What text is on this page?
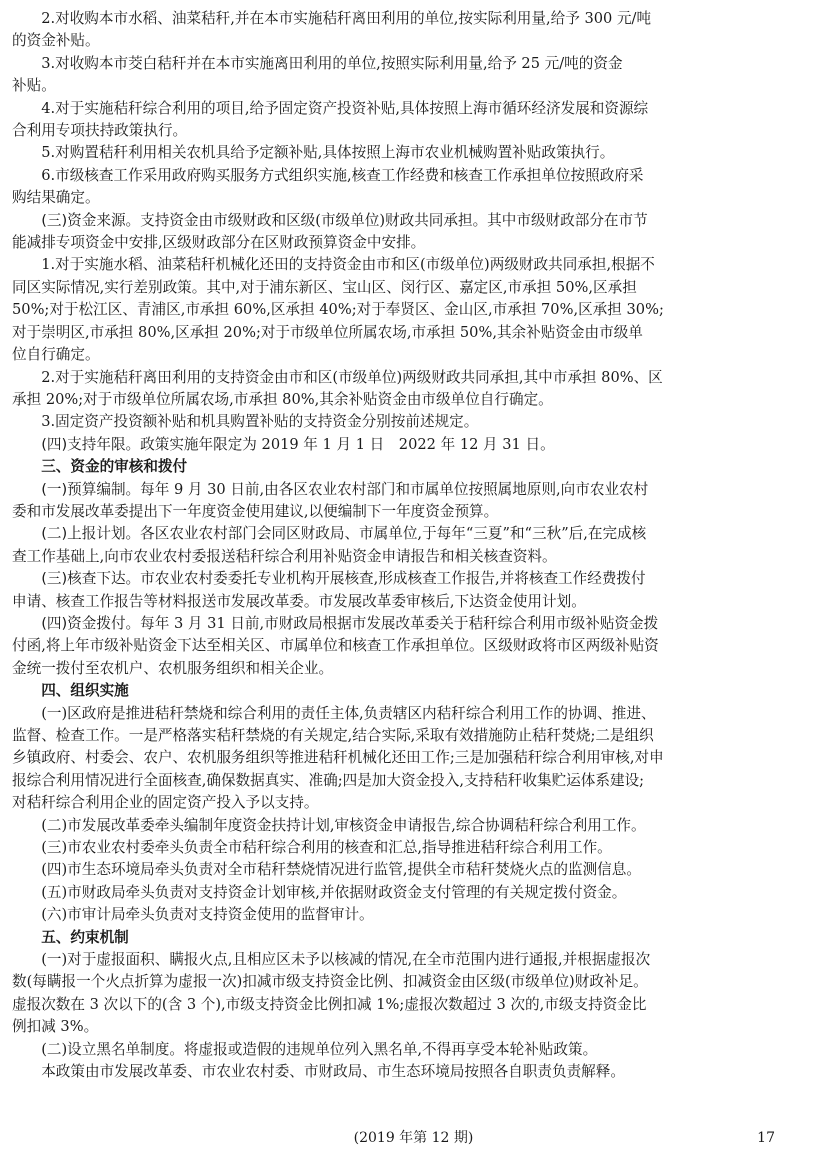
2.对收购本市水稻、油菜秸秆,并在本市实施秸秆离田利用的单位,按实际利用量,给予 300 元/吨

的资金补贴。

3.对收购本市茭白秸秆并在本市实施离田利用的单位,按照实际利用量,给予 25 元/吨的资金

补贴。

4.对于实施秸秆综合利用的项目,给予固定资产投资补贴,具体按照上海市循环经济发展和资源综

合利用专项扶持政策执行。

5.对购置秸秆利用相关农机具给予定额补贴,具体按照上海市农业机械购置补贴政策执行。

6.市级核查工作采用政府购买服务方式组织实施,核查工作经费和核查工作承担单位按照政府采

购结果确定。

(三)资金来源。支持资金由市级财政和区级(市级单位)财政共同承担。其中市级财政部分在市节

能减排专项资金中安排,区级财政部分在区财政预算资金中安排。

1.对于实施水稻、油菜秸秆机械化还田的支持资金由市和区(市级单位)两级财政共同承担,根据不

同区实际情况,实行差别政策。其中,对于浦东新区、宝山区、闵行区、嘉定区,市承担 50%,区承担

50%;对于松江区、青浦区,市承担 60%,区承担 40%;对于奉贤区、金山区,市承担 70%,区承担 30%;

对于崇明区,市承担 80%,区承担 20%;对于市级单位所属农场,市承担 50%,其余补贴资金由市级单

位自行确定。

2.对于实施秸秆离田利用的支持资金由市和区(市级单位)两级财政共同承担,其中市承担 80%、区

承担 20%;对于市级单位所属农场,市承担 80%,其余补贴资金由市级单位自行确定。

3.固定资产投资额补贴和机具购置补贴的支持资金分别按前述规定。

(四)支持年限。政策实施年限定为 2019 年 1 月 1 日　2022 年 12 月 31 日。

三、资金的审核和拨付

(一)预算编制。每年 9 月 30 日前,由各区农业农村部门和市属单位按照属地原则,向市农业农村

委和市发展改革委提出下一年度资金使用建议,以便编制下一年度资金预算。

(二)上报计划。各区农业农村部门会同区财政局、市属单位,于每年“三夏”和“三秋”后,在完成核

查工作基础上,向市农业农村委报送秸秆综合利用补贴资金申请报告和相关核查资料。

(三)核查下达。市农业农村委委托专业机构开展核查,形成核查工作报告,并将核查工作经费拨付

申请、核查工作报告等材料报送市发展改革委。市发展改革委审核后,下达资金使用计划。

(四)资金拨付。每年 3 月 31 日前,市财政局根据市发展改革委关于秸秆综合利用市级补贴资金拨

付函,将上年市级补贴资金下达至相关区、市属单位和核查工作承担单位。区级财政将市区两级补贴资

金统一拨付至农机户、农机服务组织和相关企业。

四、组织实施

(一)区政府是推进秸秆禁烧和综合利用的责任主体,负责辖区内秸秆综合利用工作的协调、推进、

监督、检查工作。一是严格落实秸秆禁烧的有关规定,结合实际,采取有效措施防止秸秆焚烧;二是组织

乡镇政府、村委会、农户、农机服务组织等推进秸秆机械化还田工作;三是加强秸秆综合利用审核,对申

报综合利用情况进行全面核查,确保数据真实、准确;四是加大资金投入,支持秸秆收集贮运体系建设;

对秸秆综合利用企业的固定资产投入予以支持。

(二)市发展改革委牵头编制年度资金扶持计划,审核资金申请报告,综合协调秸秆综合利用工作。

(三)市农业农村委牵头负责全市秸秆综合利用的核查和汇总,指导推进秸秆综合利用工作。

(四)市生态环境局牵头负责对全市秸秆禁烧情况进行监管,提供全市秸秆焚烧火点的监测信息。

(五)市财政局牵头负责对支持资金计划审核,并依据财政资金支付管理的有关规定拨付资金。

(六)市审计局牵头负责对支持资金使用的监督审计。

五、约束机制

(一)对于虚报面积、瞒报火点,且相应区未予以核减的情况,在全市范围内进行通报,并根据虚报次

数(每瞒报一个火点折算为虚报一次)扣减市级支持资金比例、扣减资金由区级(市级单位)财政补足。

虚报次数在 3 次以下的(含 3 个),市级支持资金比例扣减 1%;虚报次数超过 3 次的,市级支持资金比

例扣减 3%。

(二)设立黑名单制度。将虚报或造假的违规单位列入黑名单,不得再享受本轮补贴政策。

本政策由市发展改革委、市农业农村委、市财政局、市生态环境局按照各自职责负责解释。

(2019 年第 12 期)	17
